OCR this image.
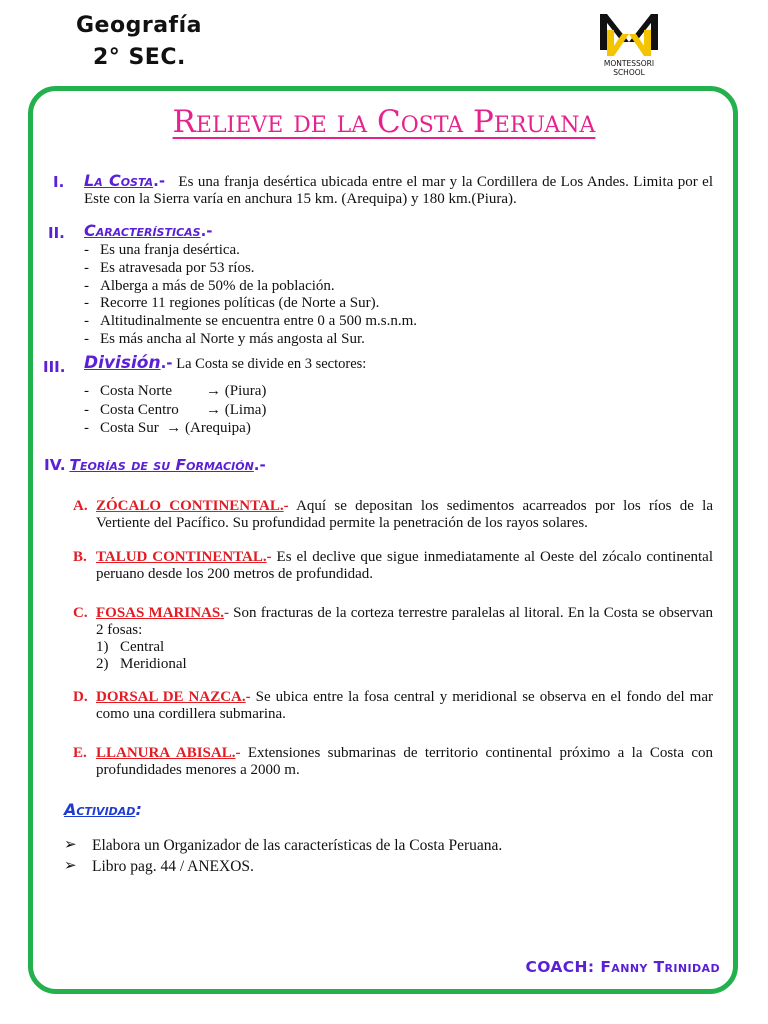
Geografía
2° SEC.	MONTESSORI
SCHOOL
Relieve de la Costa Peruana
I. La Costa.- Es una franja desértica ubicada entre el mar y la Cordillera de Los Andes. Limita por el Este con la Sierra varía en anchura 15 km. (Arequipa) y 180 km.(Piura).
II. Características.-
- Es una franja desértica.
- Es atravesada por 53 ríos.
- Alberga a más de 50% de la población.
- Recorre 11 regiones políticas (de Norte a Sur).
- Altitudinalmente se encuentra entre 0 a 500 m.s.n.m.
- Es más ancha al Norte y más angosta al Sur.
III. División.- La Costa se divide en 3 sectores:
- Costa Norte → (Piura)
- Costa Centro → (Lima)
- Costa Sur → (Arequipa)
IV. Teorías de su Formación.-
A. ZÓCALO CONTINENTAL.- Aquí se depositan los sedimentos acarreados por los ríos de la Vertiente del Pacífico. Su profundidad permite la penetración de los rayos solares.
B. TALUD CONTINENTAL.- Es el declive que sigue inmediatamente al Oeste del zócalo continental peruano desde los 200 metros de profundidad.
C. FOSAS MARINAS.- Son fracturas de la corteza terrestre paralelas al litoral. En la Costa se observan 2 fosas:
1) Central
2) Meridional
D. DORSAL DE NAZCA.- Se ubica entre la fosa central y meridional se observa en el fondo del mar como una cordillera submarina.
E. LLANURA ABISAL.- Extensiones submarinas de territorio continental próximo a la Costa con profundidades menores a 2000 m.
Actividad:
➢ Elabora un Organizador de las características de la Costa Peruana.
➢ Libro pag. 44 / ANEXOS.
COACH: Fanny Trinidad
